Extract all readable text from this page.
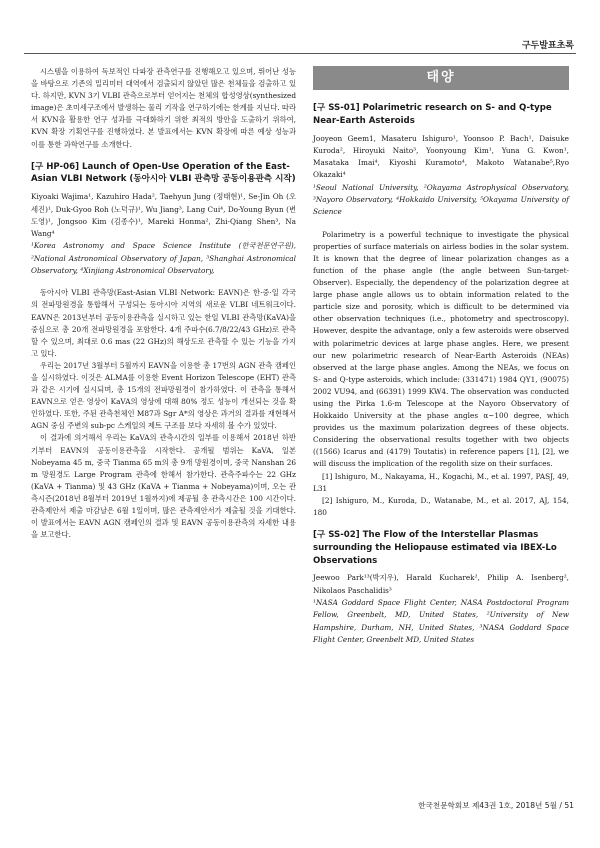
구두발표초록

시스템을 이용하여 독보적인 다파장 관측연구를 진행해오고 있으며, 뛰어난 성능을 바탕으로 기존의 밀리미터 대역에서 검출되지 않았던 많은 천체들을 검출하고 있다. 하지만, KVN 3기 VLBI 관측으로부터 얻어지는 천체의 합성영상(synthesized image)은 초미세구조에서 발생하는 물리 기작을 연구하기에는 한계를 지닌다. 따라서 KVN을 활용한 연구 성과를 극대화하기 위한 최적의 방안을 도출하기 위하여, KVN 확장 기획연구를 진행하였다. 본 발표에서는 KVN 확장에 따른 예상 성능과 이를 통한 과학연구를 소개한다.

[구 HP-06] Launch of Open-Use Operation of the East-Asian VLBI Network (동아시아 VLBI 관측망 공동이용관측 시작)

Kiyoaki Wajima¹, Kazuhiro Hada², Taehyun Jung (정태현)¹, Se-Jin Oh (오세진)¹, Duk-Gyoo Roh (노덕규)¹, Wu Jiang³, Lang Cui⁴, Do-Young Byun (변도영)¹, Jongsoo Kim (김종수)¹, Mareki Honma², Zhi-Qiang Shen³, Na Wang⁴

¹Korea Astronomy and Space Science Institute (한국천문연구원), ²National Astronomical Observatory of Japan, ³Shanghai Astronomical Observatory, ⁴Xinjiang Astronomical Observatory,

동아시아 VLBI 관측망(East-Asian VLBI Network: EAVN)은 한·중·일 각국의 전파망원경을 통합해서 구성되는 동아시아 지역의 새로운 VLBI 네트워크이다. EAVN은 2013년부터 공동이용관측을 실시하고 있는 한일 VLBI 관측망(KaVA)을 중심으로 총 20개 전파망원경을 포함한다. 4개 주파수(6.7/8/22/43 GHz)로 관측할 수 있으며, 최대로 0.6 mas (22 GHz)의 해상도로 관측할 수 있는 기능을 가지고 있다.

우리는 2017년 3월부터 5월까지 EAVN을 이용한 총 17번의 AGN 관측 캠페인을 실시하였다. 이것은 ALMA를 이용한 Event Horizon Telescope (EHT) 관측과 같은 시기에 실시되며, 총 15개의 전파망원경이 참가하였다. 이 관측을 통해서 EAVN으로 얻은 영상이 KaVA의 영상에 대해 80% 정도 성능이 개선되는 것을 확인하였다. 또한, 주된 관측천체인 M87과 Sgr A*의 영상은 과거의 결과를 재현해서 AGN 중심 주변의 sub-pc 스케일의 제트 구조를 보다 자세히 볼 수가 있었다.

이 결과에 의거해서 우리는 KaVA의 관측시간의 일부를 이용해서 2018년 하반기부터 EAVN의 공동이용관측을 시작한다. 공개될 범위는 KaVA, 일본 Nobeyama 45 m, 중국 Tianma 65 m의 총 9개 망원경이며, 중국 Nanshan 26 m 망원경도 Large Program 관측에 한해서 참가한다. 관측주파수는 22 GHz (KaVA + Tianma) 및 43 GHz (KaVA + Tianma + Nobeyama)이며, 오는 관측시즌(2018년 8월부터 2019년 1월까지)에 제공될 총 관측시간은 100 시간이다. 관측제안서 제출 마감날은 6월 1일이며, 많은 관측제안서가 제출될 것을 기대한다. 이 발표에서는 EAVN AGN 캠페인의 결과 및 EAVN 공동이용관측의 자세한 내용을 보고한다.

태양
[구 SS-01] Polarimetric research on S- and Q-type Near-Earth Asteroids

Jooyeon Geem1, Masateru Ishiguro¹, Yoonsoo P. Bach¹, Daisuke Kuroda², Hiroyuki Naito³, Yoonyoung Kim¹, Yuna G. Kwon¹, Masataka Imai⁴, Kiyoshi Kuramoto⁴, Makoto Watanabe⁵,Ryo Okazaki⁴

¹Seoul National University, ²Okayama Astrophysical Observatory, ³Nayoro Observatory, ⁴Hokkaido University, ⁵Okayama University of Science

Polarimetry is a powerful technique to investigate the physical properties of surface materials on airless bodies in the solar system. It is known that the degree of linear polarization changes as a function of the phase angle (the angle between Sun-target-Observer). Especially, the dependency of the polarization degree at large phase angle allows us to obtain information related to the particle size and porosity, which is difficult to be determined via other observation techniques (i.e., photometry and spectroscopy). However, despite the advantage, only a few asteroids were observed with polarimetric devices at large phase angles. Here, we present our new polarimetric research of Near-Earth Asteroids (NEAs) observed at the large phase angles. Among the NEAs, we focus on S- and Q-type asteroids, which include: (331471) 1984 QY1, (90075) 2002 VU94, and (66391) 1999 KW4. The observation was conducted using the Pirka 1.6-m Telescope at the Nayoro Observatory of Hokkaido University at the phase angles α~100 degree, which provides us the maximum polarization degrees of these objects. Considering the observational results together with two objects ((1566) Icarus and (4179) Toutatis) in reference papers [1], [2], we will discuss the implication of the regolith size on their surfaces.

[1] Ishiguro, M., Nakayama, H., Kogachi, M., et al. 1997, PASJ, 49, L31

[2] Ishiguro, M., Kuroda, D., Watanabe, M., et al. 2017, AJ, 154, 180

[구 SS-02] The Flow of the Interstellar Plasmas surrounding the Heliopause estimated via IBEX-Lo Observations

Jeewoo Park¹³(박지우), Harald Kucharek², Philip A. Isenberg², Nikolaos Paschalidis³

¹NASA Goddard Space Flight Center, NASA Postdoctoral Program Fellow, Greenbelt, MD, United States, ²University of New Hampshire, Durham, NH, United States, ³NASA Goddard Space Flight Center, Greenbelt MD, United States

한국천문학회보 제43권 1호, 2018년 5월 / 51
